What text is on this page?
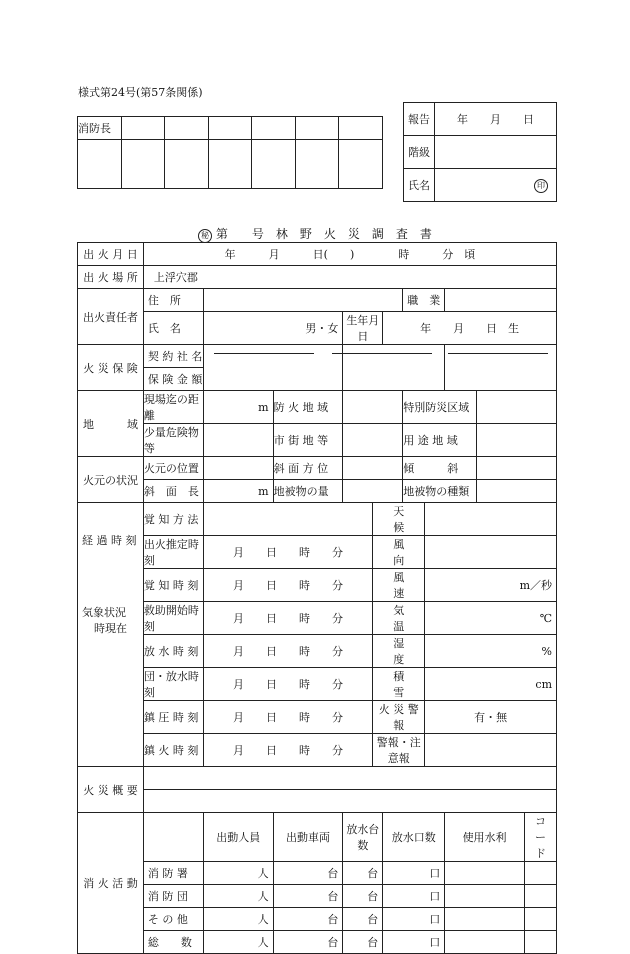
様式第24号(第57条関係)
消防長						

報告	年　　月　　日
階級	
氏名	印
秘 第　　号　林　野　火　災　調　査　書
出 火 月 日	年　　　月　　　日(　　)　　　　時　　　分　頃										
出 火 場 所	上浮穴郡										
出火責任者	住　所						職　業				
	氏　名	男・女		生年月日		年　　月　　日　生					
火 災 保 険	契 約 社 名										
	保 険 金 額										
地　　　域	現場迄の距離	m	防 火 地 域				特別防災区域				
	少量危険物等		市 街 地 等				用 途 地 域				
火元の状況	火元の位置		斜 面 方 位				傾　　　斜				
	斜　面　長	m	地被物の量				地被物の種類				

経 過 時 刻
気象状況
時現在	覚 知 方 法				天　　　候						
	出火推定時刻	月　　日　　時　　分			風　　　向						
	覚 知 時 刻	月　　日　　時　　分			風　　　速			m／秒			
	救助開始時刻	月　　日　　時　　分			気　　　温			℃			
	放 水 時 刻	月　　日　　時　　分			湿　　　度			%			
	団・放水時刻	月　　日　　時　　分			積　　　雪			cm			
	鎮 圧 時 刻	月　　日　　時　　分			火 災 警 報			有・無			
	鎮 火 時 刻	月　　日　　時　　分			警報・注意報						
火 災 概 要											

消 火 活 動		出動人員	出動車両	放水台数		放水口数			使用水利		コ　ー　ド
	消 防 署	人	台	台		口					
	消 防 団	人	台	台		口					
	そ の 他	人	台	台		口					
	総　　数	人	台	台		口					
